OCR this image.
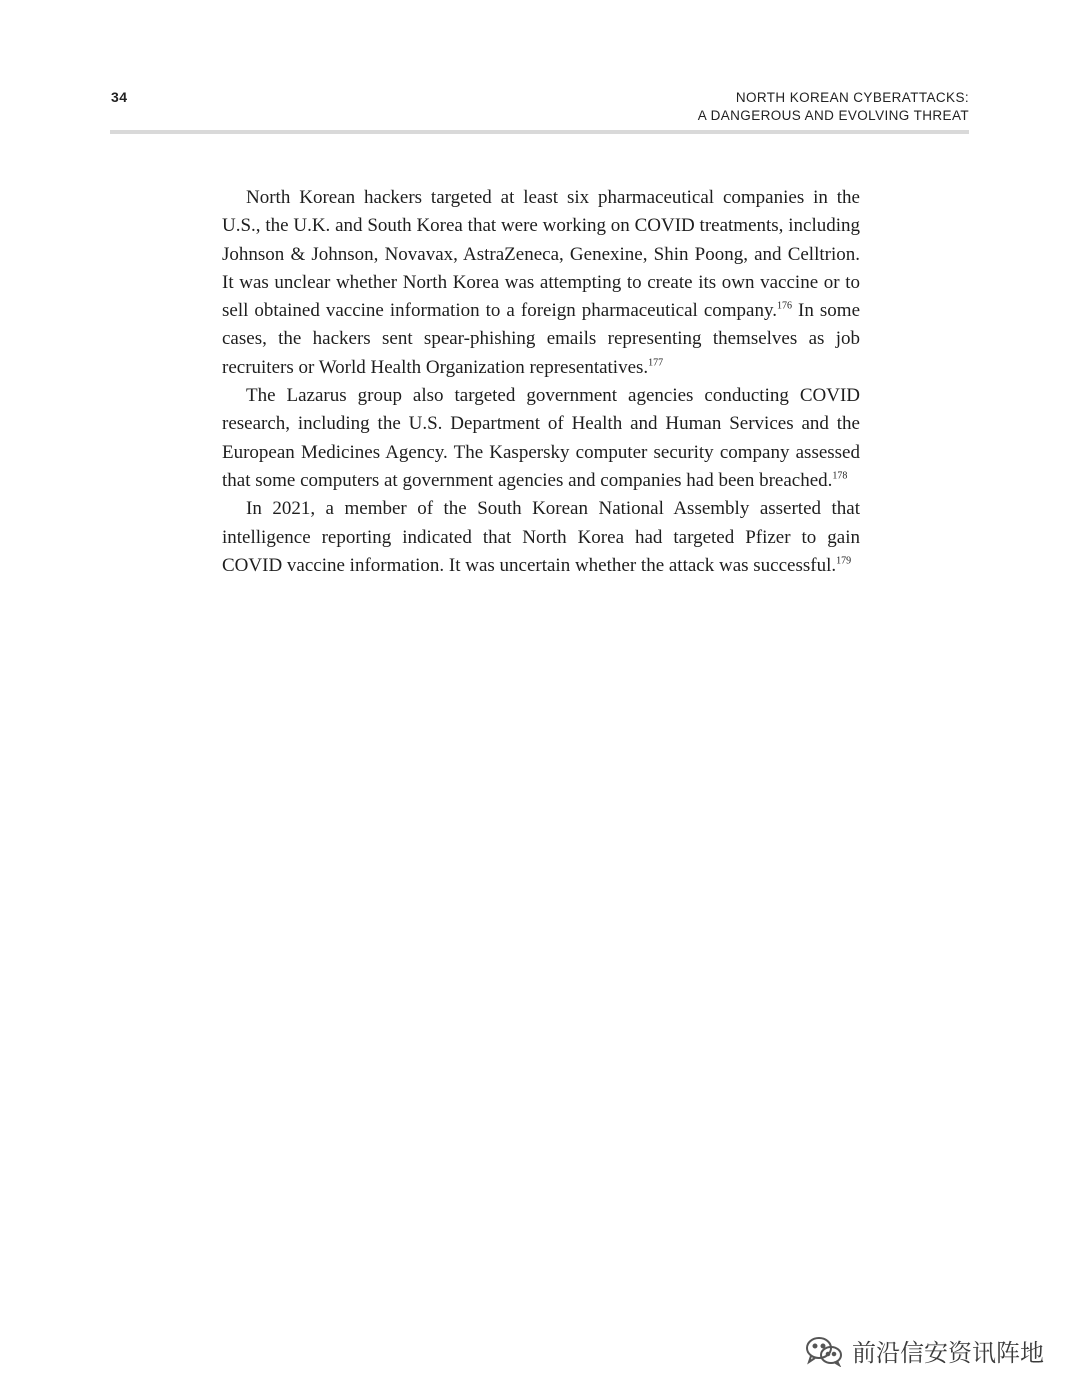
34	NORTH KOREAN CYBERATTACKS:
A DANGEROUS AND EVOLVING THREAT

North Korean hackers targeted at least six pharmaceutical companies in the U.S., the U.K. and South Korea that were working on COVID treatments, including Johnson & Johnson, Novavax, AstraZeneca, Genexine, Shin Poong, and Celltrion. It was unclear whether North Korea was attempting to create its own vaccine or to sell obtained vaccine information to a foreign pharmaceutical company.$^{176}$ In some cases, the hackers sent spear-phishing emails representing themselves as job recruiters or World Health Organization representatives.$^{177}$

The Lazarus group also targeted government agencies conducting COVID research, including the U.S. Department of Health and Human Services and the European Medicines Agency. The Kaspersky computer security company assessed that some computers at government agencies and companies had been breached.$^{178}$

In 2021, a member of the South Korean National Assembly asserted that intelligence reporting indicated that North Korea had targeted Pfizer to gain COVID vaccine information. It was uncertain whether the attack was successful.$^{179}$

前沿信安资讯阵地
